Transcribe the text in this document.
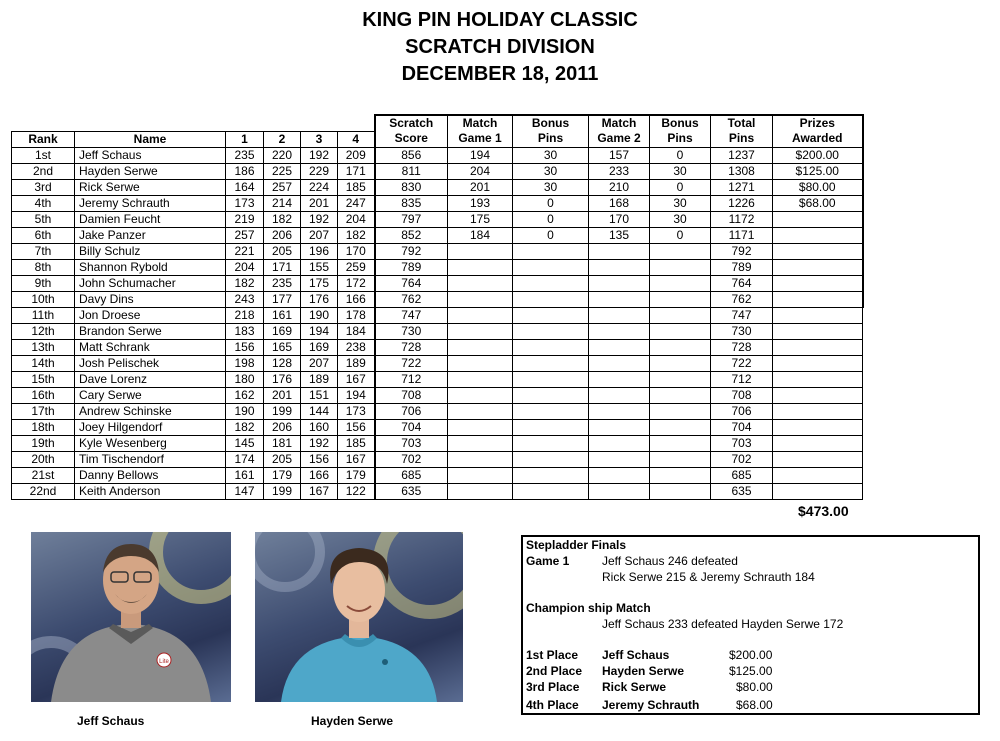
KING PIN HOLIDAY CLASSIC
SCRATCH DIVISION
DECEMBER 18, 2011
						Scratch	Match	Bonus	Match	Bonus	Total	Prizes
Rank	Name	1	2	3	4	Score	Game 1	Pins	Game 2	Pins	Pins	Awarded
1st	Jeff Schaus	235	220	192	209	856	194	30	157	0	1237	$200.00
2nd	Hayden Serwe	186	225	229	171	811	204	30	233	30	1308	$125.00
3rd	Rick Serwe	164	257	224	185	830	201	30	210	0	1271	$80.00
4th	Jeremy Schrauth	173	214	201	247	835	193	0	168	30	1226	$68.00
5th	Damien Feucht	219	182	192	204	797	175	0	170	30	1172	
6th	Jake Panzer	257	206	207	182	852	184	0	135	0	1171	
7th	Billy Schulz	221	205	196	170	792					792	
8th	Shannon Rybold	204	171	155	259	789					789	
9th	John Schumacher	182	235	175	172	764					764	
10th	Davy Dins	243	177	176	166	762					762	
11th	Jon Droese	218	161	190	178	747					747	
12th	Brandon Serwe	183	169	194	184	730					730	
13th	Matt Schrank	156	165	169	238	728					728	
14th	Josh Pelischek	198	128	207	189	722					722	
15th	Dave Lorenz	180	176	189	167	712					712	
16th	Cary Serwe	162	201	151	194	708					708	
17th	Andrew Schinske	190	199	144	173	706					706	
18th	Joey Hilgendorf	182	206	160	156	704					704	
19th	Kyle Wesenberg	145	181	192	185	703					703	
20th	Tim Tischendorf	174	205	156	167	702					702	
21st	Danny Bellows	161	179	166	179	685					685	
22nd	Keith Anderson	147	199	167	122	635					635	
$473.00
Lite
Jeff Schaus	Hayden Serwe
Stepladder Finals
Game 1	Jeff Schaus 246 defeated
Rick Serwe 215 & Jeremy Schrauth 184
Champion ship Match
Jeff Schaus 233 defeated Hayden Serwe 172
1st Place Jeff Schaus	$200.00
2nd Place Hayden Serwe	$125.00
3rd Place Rick Serwe	$80.00
4th Place Jeremy Schrauth	$68.00
